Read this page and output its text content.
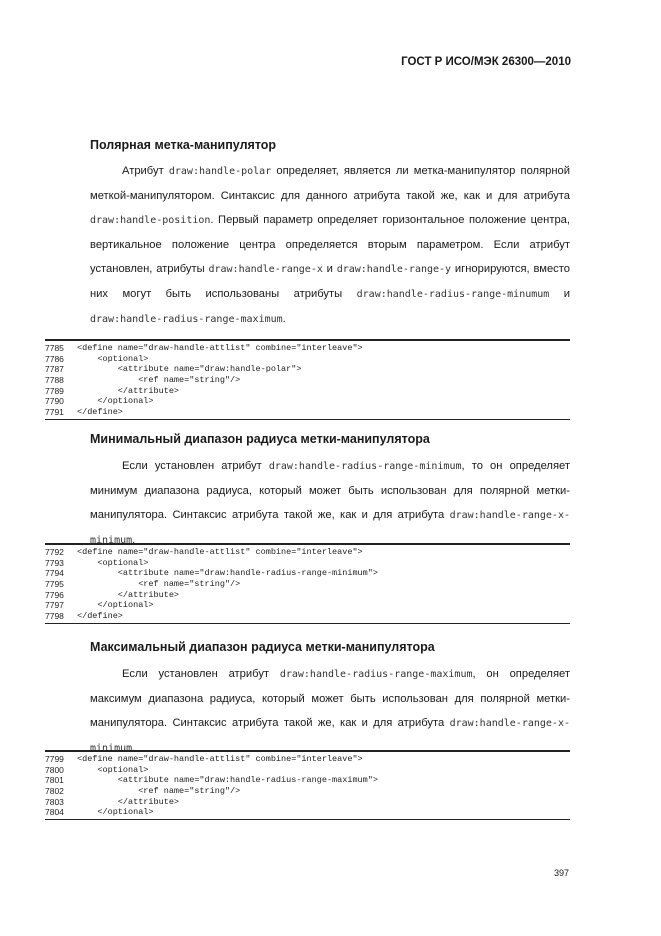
ГОСТ Р ИСО/МЭК 26300—2010
Полярная метка-манипулятор

Атрибут draw:handle-polar определяет, является ли метка-манипулятор полярной меткой-манипулятором. Синтаксис для данного атрибута такой же, как и для атрибута draw:handle-position. Первый параметр определяет горизонтальное положение центра, вертикальное положение центра определяется вторым параметром. Если атрибут установлен, атрибуты draw:handle-range-x и draw:handle-range-y игнорируются, вместо них могут быть использованы атрибуты draw:handle-radius-range-minumum и draw:handle-radius-range-maximum.

7785	<define name="draw-handle-attlist" combine="interleave">
7786	<optional>
7787	<attribute name="draw:handle-polar">
7788	<ref name="string"/>
7789	</attribute>
7790	</optional>
7791	</define>
Минимальный диапазон радиуса метки-манипулятора

Если установлен атрибут draw:handle-radius-range-minimum, то он определяет минимум диапазона радиуса, который может быть использован для полярной метки-манипулятора. Синтаксис атрибута такой же, как и для атрибута draw:handle-range-x-minimum.

7792	<define name="draw-handle-attlist" combine="interleave">
7793	<optional>
7794	<attribute name="draw:handle-radius-range-minimum">
7795	<ref name="string"/>
7796	</attribute>
7797	</optional>
7798	</define>
Максимальный диапазон радиуса метки-манипулятора

Если установлен атрибут draw:handle-radius-range-maximum, он определяет максимум диапазона радиуса, который может быть использован для полярной метки-манипулятора. Синтаксис атрибута такой же, как и для атрибута draw:handle-range-x-minimum.

7799	<define name="draw-handle-attlist" combine="interleave">
7800	<optional>
7801	<attribute name="draw:handle-radius-range-maximum">
7802	<ref name="string"/>
7803	</attribute>
7804	</optional>
397
